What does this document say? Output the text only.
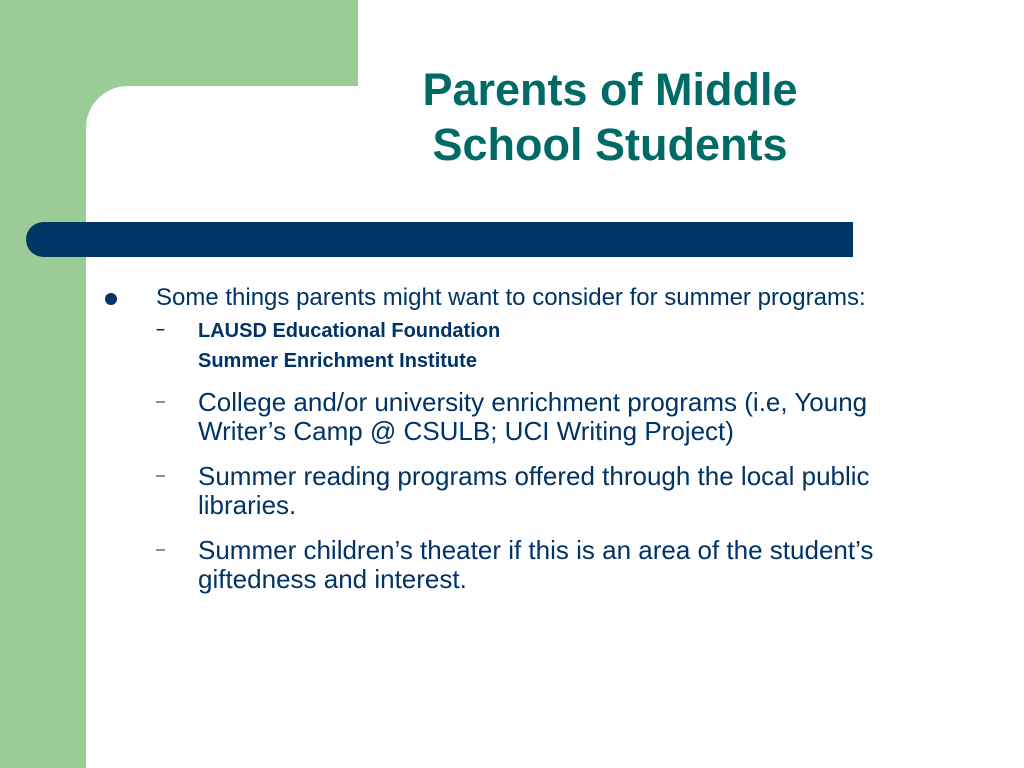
Parents of Middle
School Students
Some things parents might want to consider for summer programs:
– LAUSD Educational Foundation
Summer Enrichment Institute
– College and/or university enrichment programs (i.e, Young Writer’s Camp @ CSULB; UCI Writing Project)
– Summer reading programs offered through the local public libraries.
– Summer children’s theater if this is an area of the student’s giftedness and interest.
